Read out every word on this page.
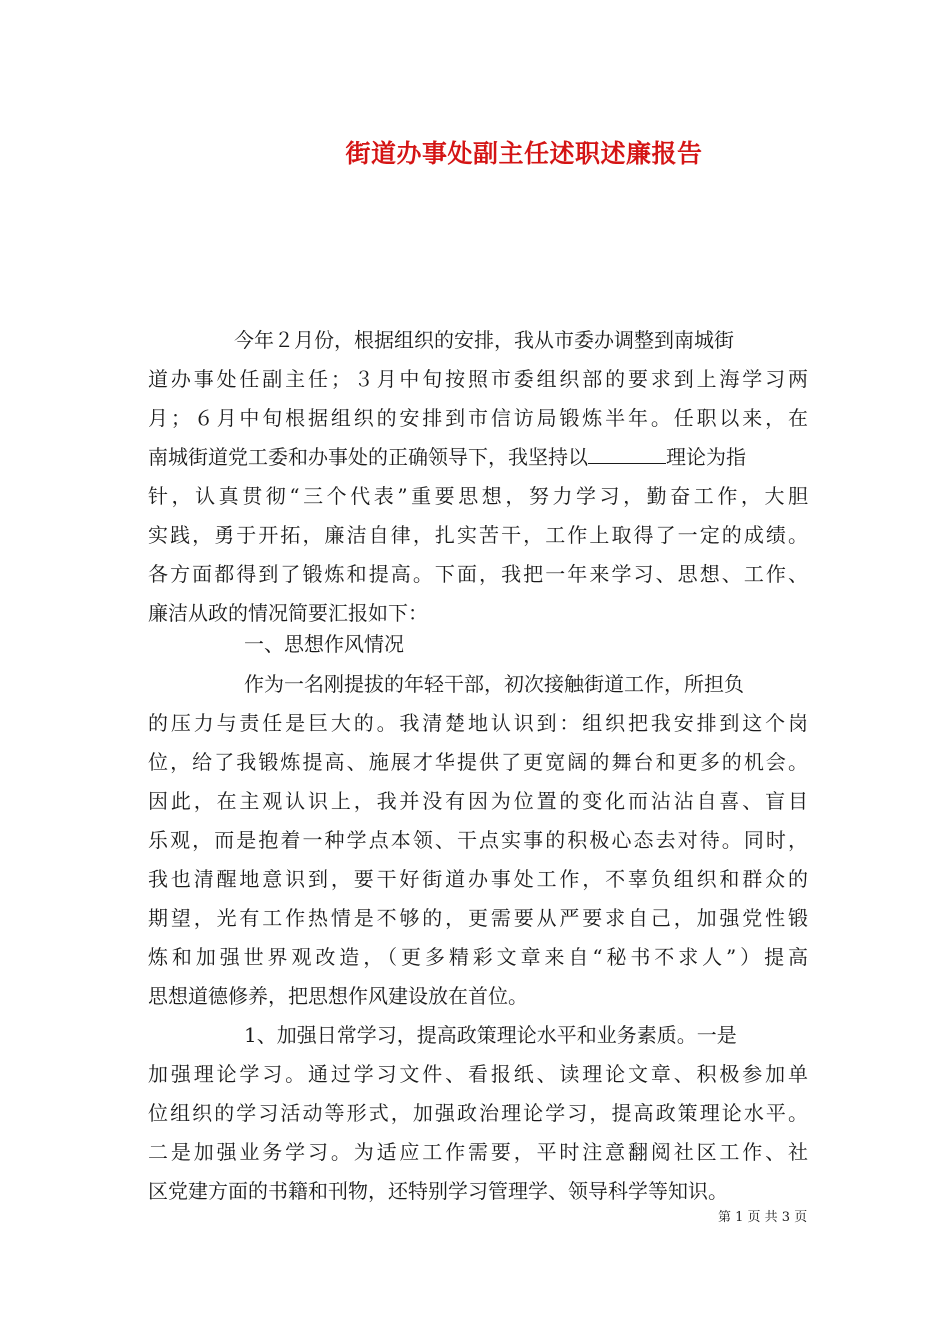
街道办事处副主任述职述廉报告
今年２月份，根据组织的安排，我从市委办调整到南城街
道办事处任副主任；３月中旬按照市委组织部的要求到上海学习两
月；６月中旬根据组织的安排到市信访局锻炼半年。任职以来，在
南城街道党工委和办事处的正确领导下，我坚持以	理论为指
针，认真贯彻“三个代表”重要思想，努力学习，勤奋工作，大胆
实践，勇于开拓，廉洁自律，扎实苦干，工作上取得了一定的成绩。
各方面都得到了锻炼和提高。下面，我把一年来学习、思想、工作、
廉洁从政的情况简要汇报如下：
一、思想作风情况
作为一名刚提拔的年轻干部，初次接触街道工作，所担负
的压力与责任是巨大的。我清楚地认识到：组织把我安排到这个岗
位，给了我锻炼提高、施展才华提供了更宽阔的舞台和更多的机会。
因此，在主观认识上，我并没有因为位置的变化而沾沾自喜、盲目
乐观，而是抱着一种学点本领、干点实事的积极心态去对待。同时，
我也清醒地意识到，要干好街道办事处工作，不辜负组织和群众的
期望，光有工作热情是不够的，更需要从严要求自己，加强党性锻
炼和加强世界观改造，（更多精彩文章来自“秘书不求人”）提高
思想道德修养，把思想作风建设放在首位。
1、加强日常学习，提高政策理论水平和业务素质。一是
加强理论学习。通过学习文件、看报纸、读理论文章、积极参加单
位组织的学习活动等形式，加强政治理论学习，提高政策理论水平。
二是加强业务学习。为适应工作需要，平时注意翻阅社区工作、社
区党建方面的书籍和刊物，还特别学习管理学、领导科学等知识。
第 1 页 共 3 页
